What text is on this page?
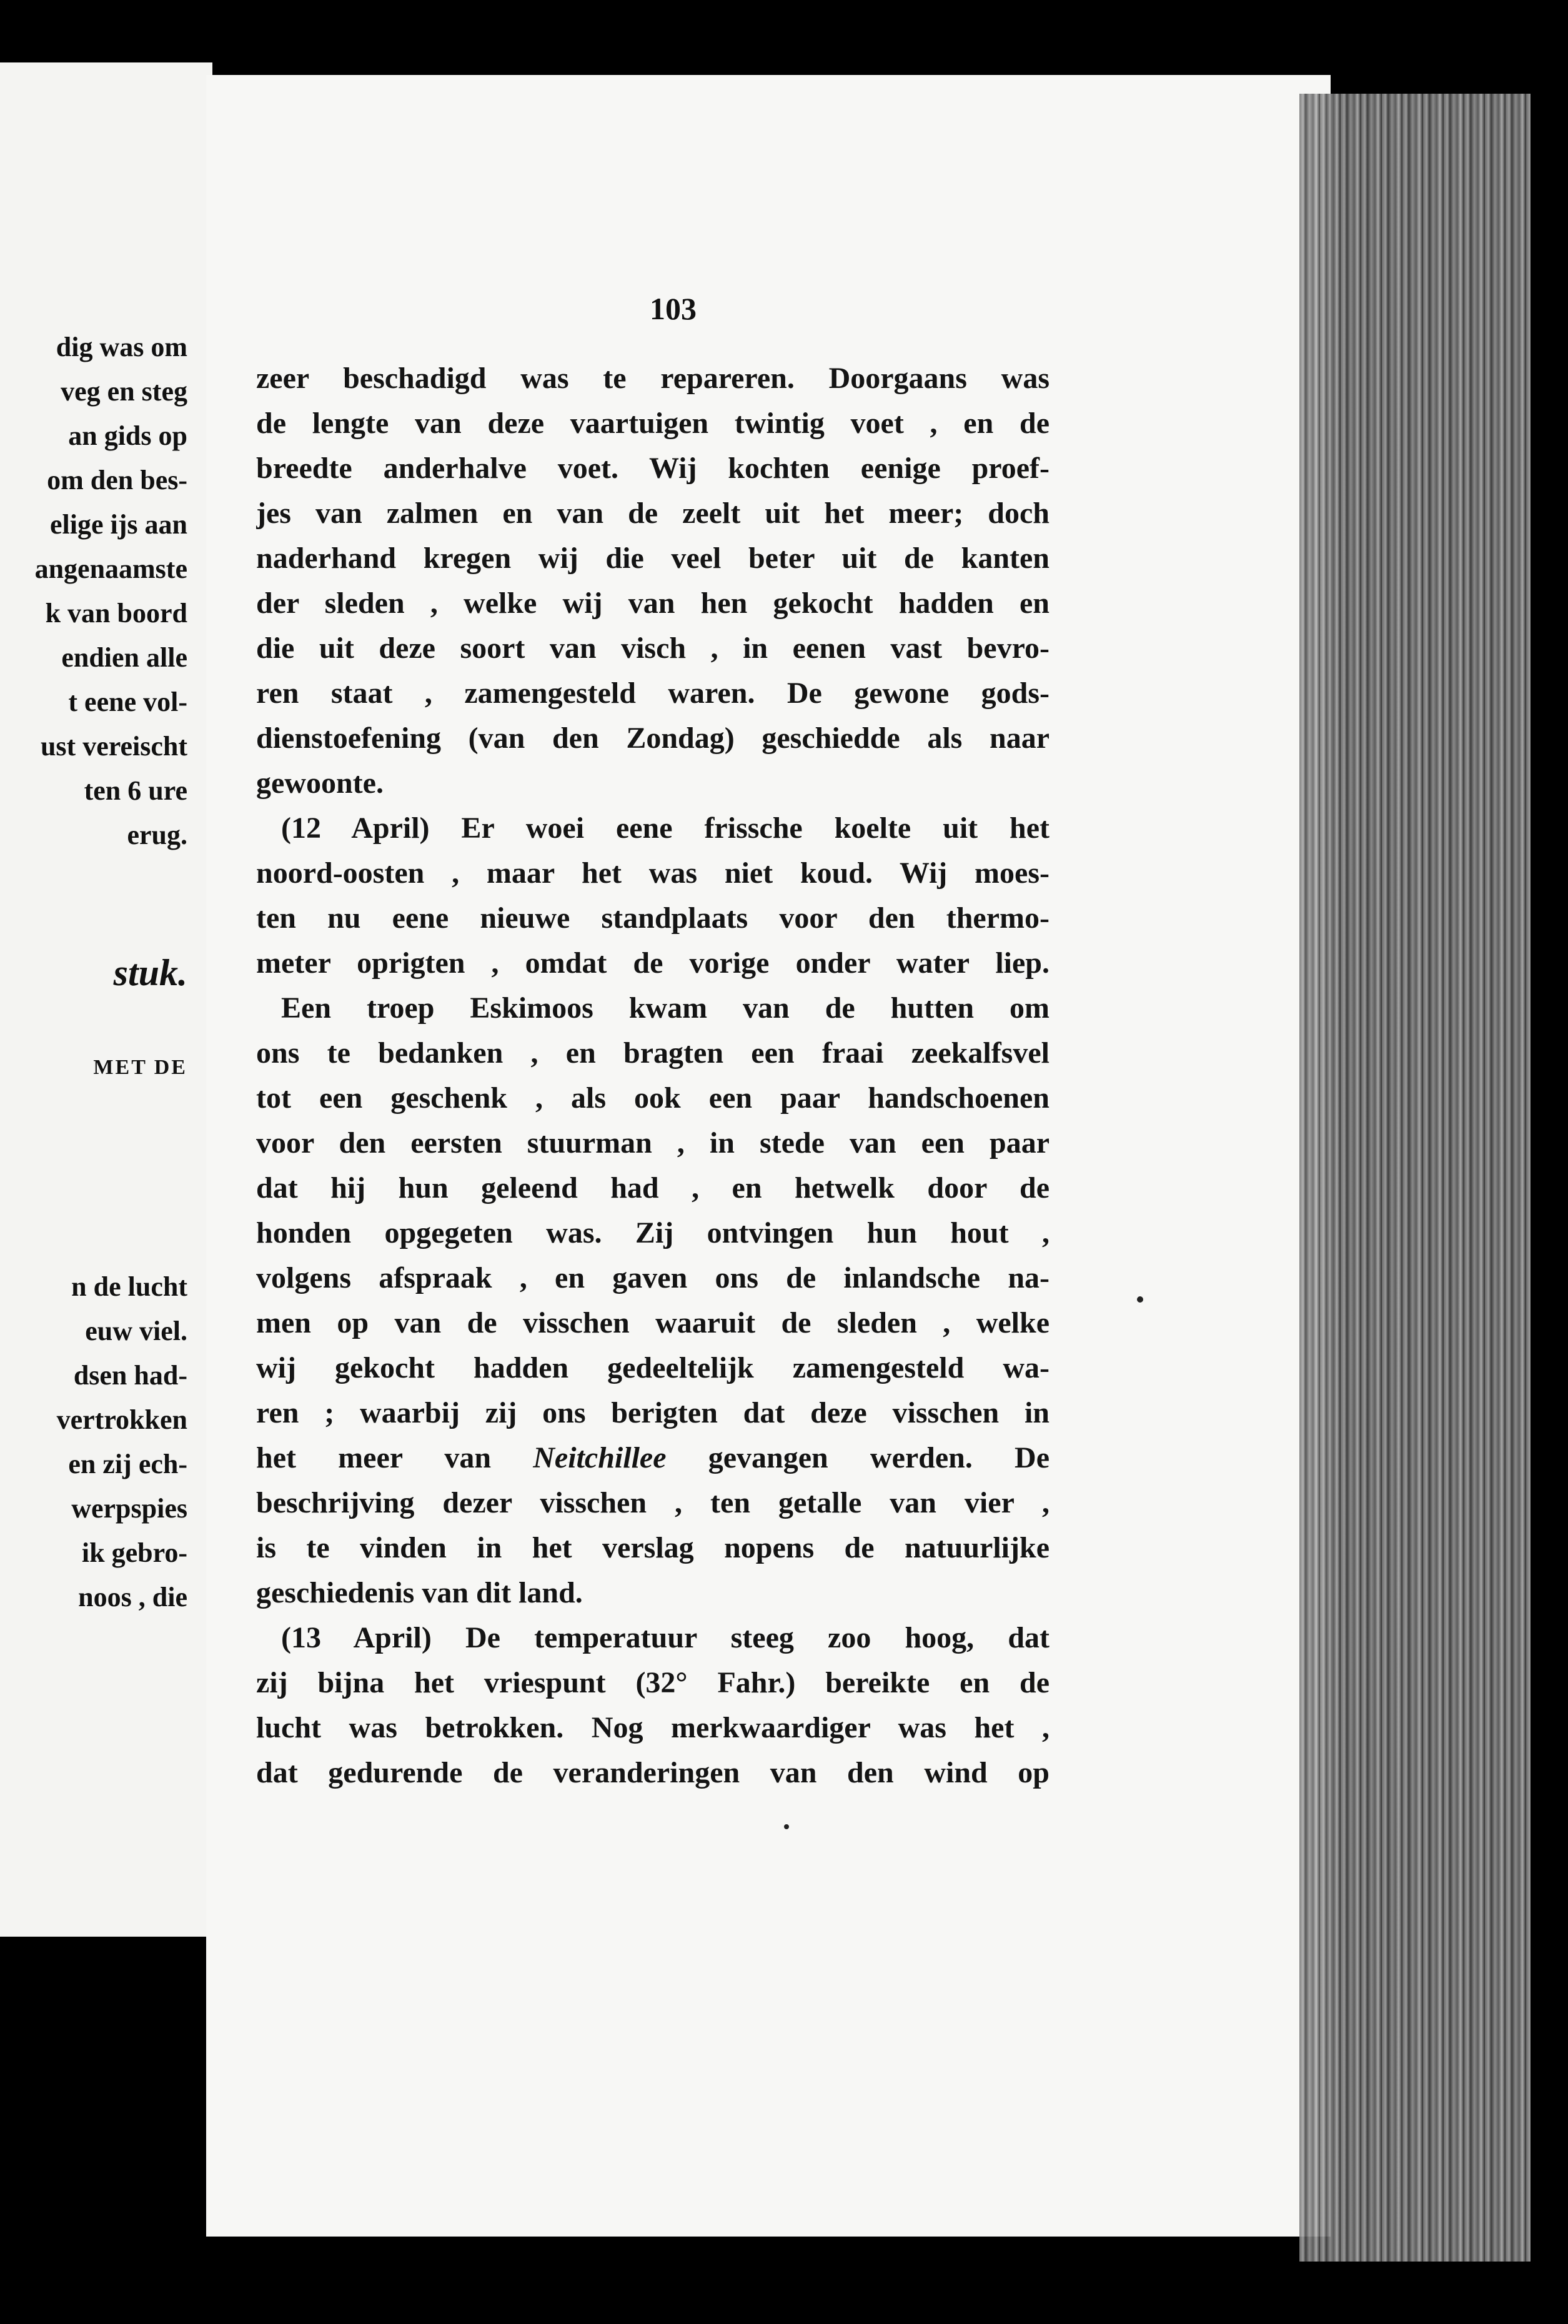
dig was om
veg en steg
an gids op
om den bes-
elige ijs aan
angenaamste
k van boord
endien alle
t eene vol-
ust vereischt
ten 6 ure
erug.
stuk.
MET DE
n de lucht
euw viel.
dsen had-
vertrokken
en zij ech-
werpspies
ik gebro-
noos , die
103
zeer beschadigd was te repareren. Doorgaans was
de lengte van deze vaartuigen twintig voet , en de
breedte anderhalve voet. Wij kochten eenige proef-
jes van zalmen en van de zeelt uit het meer; doch
naderhand kregen wij die veel beter uit de kanten
der sleden , welke wij van hen gekocht hadden en
die uit deze soort van visch , in eenen vast bevro-
ren staat , zamengesteld waren. De gewone gods-
dienstoefening (van den Zondag) geschiedde als naar
gewoonte.
(12 April) Er woei eene frissche koelte uit het
noord-oosten , maar het was niet koud. Wij moes-
ten nu eene nieuwe standplaats voor den thermo-
meter oprigten , omdat de vorige onder water liep.
Een troep Eskimoos kwam van de hutten om
ons te bedanken , en bragten een fraai zeekalfsvel
tot een geschenk , als ook een paar handschoenen
voor den eersten stuurman , in stede van een paar
dat hij hun geleend had , en hetwelk door de
honden opgegeten was. Zij ontvingen hun hout ,
volgens afspraak , en gaven ons de inlandsche na-
men op van de visschen waaruit de sleden , welke
wij gekocht hadden gedeeltelijk zamengesteld wa-
ren ; waarbij zij ons berigten dat deze visschen in
het meer van Neitchillee gevangen werden. De
beschrijving dezer visschen , ten getalle van vier ,
is te vinden in het verslag nopens de natuurlijke
geschiedenis van dit land.
(13 April) De temperatuur steeg zoo hoog, dat
zij bijna het vriespunt (32° Fahr.) bereikte en de
lucht was betrokken. Nog merkwaardiger was het ,
dat gedurende de veranderingen van den wind op
